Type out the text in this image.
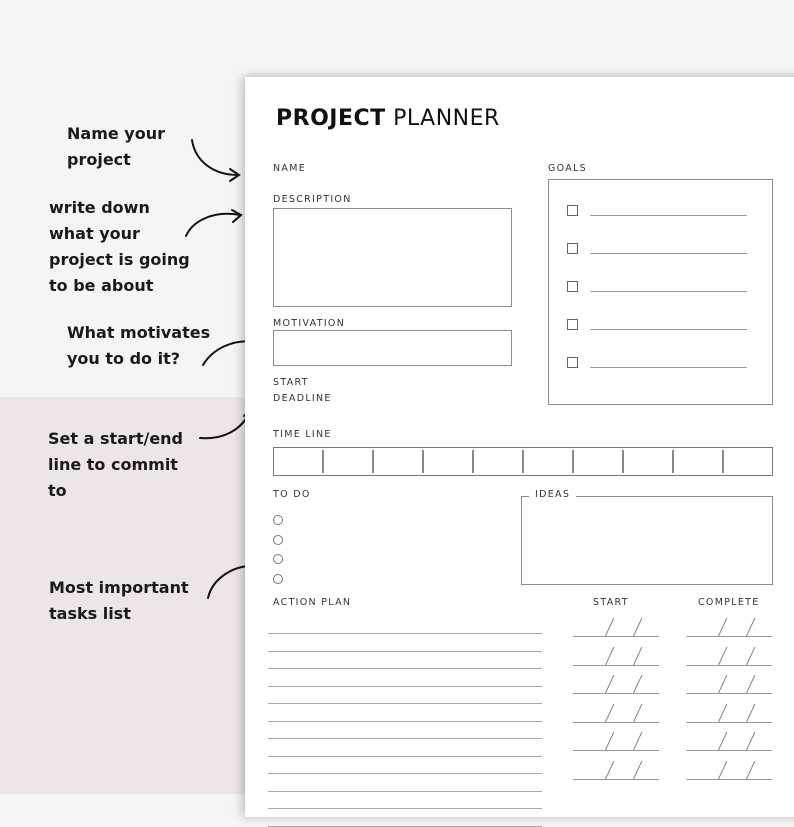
Name your
project
write down
what your
project is going
to be about
What motivates
you to do it?
Set a start/end
line to commit
to
Most important
tasks list
PROJECT PLANNER
NAME
DESCRIPTION
MOTIVATION
START
DEADLINE
GOALS
TIME LINE
TO DO	IDEAS
ACTION PLAN	START	COMPLETE
